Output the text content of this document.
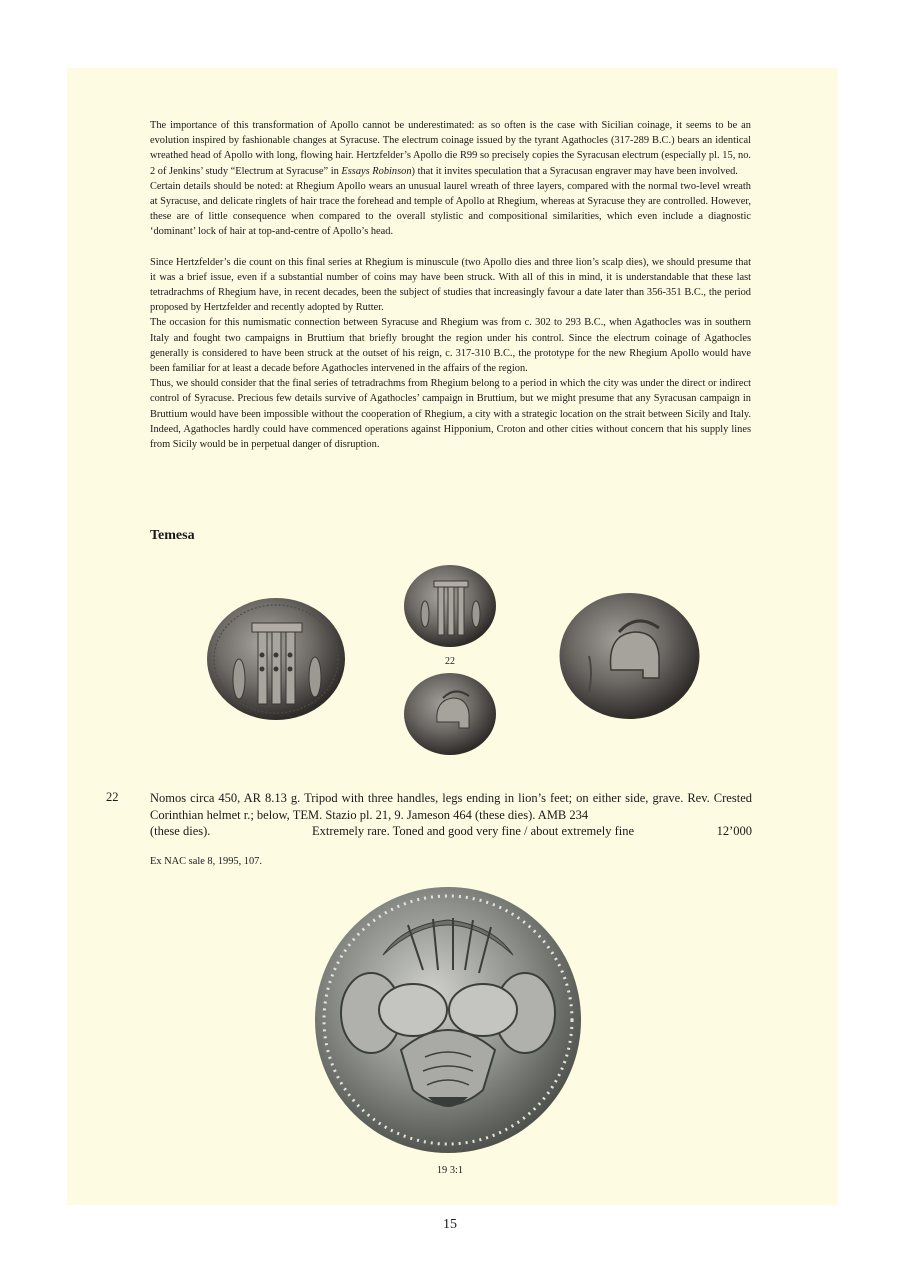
The importance of this transformation of Apollo cannot be underestimated: as so often is the case with Sicilian coinage, it seems to be an evolution inspired by fashionable changes at Syracuse. The electrum coinage issued by the tyrant Agathocles (317-289 B.C.) bears an identical wreathed head of Apollo with long, flowing hair. Hertzfelder’s Apollo die R99 so precisely copies the Syracusan electrum (especially pl. 15, no. 2 of Jenkins’ study “Electrum at Syracuse” in Essays Robinson) that it invites speculation that a Syracusan engraver may have been involved.

Certain details should be noted: at Rhegium Apollo wears an unusual laurel wreath of three layers, compared with the normal two-level wreath at Syracuse, and delicate ringlets of hair trace the forehead and temple of Apollo at Rhegium, whereas at Syracuse they are controlled. However, these are of little consequence when compared to the overall stylistic and compositional similarities, which even include a diagnostic ‘dominant’ lock of hair at top-and-centre of Apollo’s head.

Since Hertzfelder’s die count on this final series at Rhegium is minuscule (two Apollo dies and three lion’s scalp dies), we should presume that it was a brief issue, even if a substantial number of coins may have been struck. With all of this in mind, it is understandable that these last tetradrachms of Rhegium have, in recent decades, been the subject of studies that increasingly favour a date later than 356-351 B.C., the period proposed by Hertzfelder and recently adopted by Rutter.

The occasion for this numismatic connection between Syracuse and Rhegium was from c. 302 to 293 B.C., when Agathocles was in southern Italy and fought two campaigns in Bruttium that briefly brought the region under his control. Since the electrum coinage of Agathocles generally is considered to have been struck at the outset of his reign, c. 317-310 B.C., the prototype for the new Rhegium Apollo would have been familiar for at least a decade before Agathocles intervened in the affairs of the region.

Thus, we should consider that the final series of tetradrachms from Rhegium belong to a period in which the city was under the direct or indirect control of Syracuse. Precious few details survive of Agathocles’ campaign in Bruttium, but we might presume that any Syracusan campaign in Bruttium would have been impossible without the cooperation of Rhegium, a city with a strategic location on the strait between Sicily and Italy. Indeed, Agathocles hardly could have commenced operations against Hipponium, Croton and other cities without concern that his supply lines from Sicily would be in perpetual danger of disruption.

Temesa
22
22	Nomos circa 450, AR 8.13 g. Tripod with three handles, legs ending in lion’s feet; on either side, grave. Rev. Crested Corinthian helmet r.; below, TEM. Stazio pl. 21, 9. Jameson 464 (these dies). AMB 234
(these dies).	Extremely rare. Toned and good very fine / about extremely fine	12’000
Ex NAC sale 8, 1995, 107.
19 3:1
15
